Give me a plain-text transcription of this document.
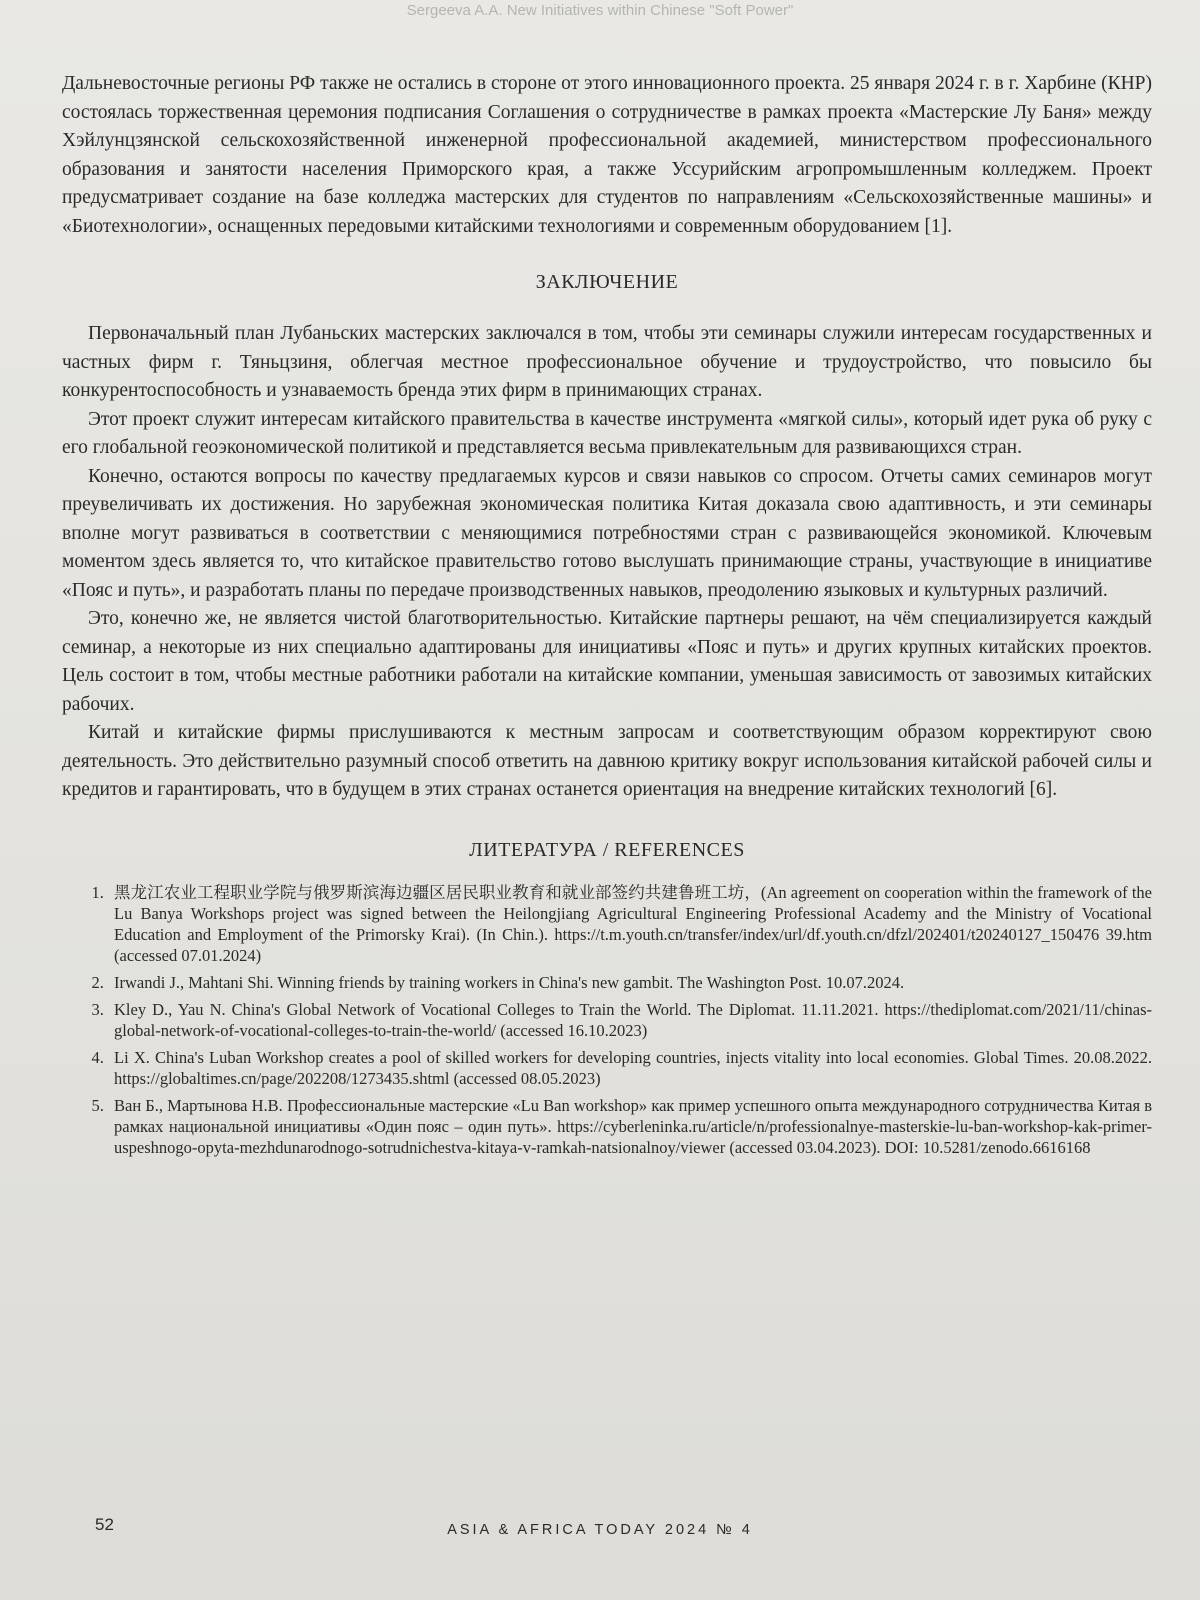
Sergeeva A.A. New Initiatives within Chinese "Soft Power"

Дальневосточные регионы РФ также не остались в стороне от этого инновационного проекта. 25 января 2024 г. в г. Харбине (КНР) состоялась торжественная церемония подписания Соглашения о сотрудничестве в рамках проекта «Мастерские Лу Баня» между Хэйлунцзянской сельскохозяйственной инженерной профессиональной академией, министерством профессионального образования и занятости населения Приморского края, а также Уссурийским агропромышленным колледжем. Проект предусматривает создание на базе колледжа мастерских для студентов по направлениям «Сельскохозяйственные машины» и «Биотехнологии», оснащенных передовыми китайскими технологиями и современным оборудованием [1].

ЗАКЛЮЧЕНИЕ

Первоначальный план Лубаньских мастерских заключался в том, чтобы эти семинары служили интересам государственных и частных фирм г. Тяньцзиня, облегчая местное профессиональное обучение и трудоустройство, что повысило бы конкурентоспособность и узнаваемость бренда этих фирм в принимающих странах.

Этот проект служит интересам китайского правительства в качестве инструмента «мягкой силы», который идет рука об руку с его глобальной геоэкономической политикой и представляется весьма привлекательным для развивающихся стран.

Конечно, остаются вопросы по качеству предлагаемых курсов и связи навыков со спросом. Отчеты самих семинаров могут преувеличивать их достижения. Но зарубежная экономическая политика Китая доказала свою адаптивность, и эти семинары вполне могут развиваться в соответствии с меняющимися потребностями стран с развивающейся экономикой. Ключевым моментом здесь является то, что китайское правительство готово выслушать принимающие страны, участвующие в инициативе «Пояс и путь», и разработать планы по передаче производственных навыков, преодолению языковых и культурных различий.

Это, конечно же, не является чистой благотворительностью. Китайские партнеры решают, на чём специализируется каждый семинар, а некоторые из них специально адаптированы для инициативы «Пояс и путь» и других крупных китайских проектов. Цель состоит в том, чтобы местные работники работали на китайские компании, уменьшая зависимость от завозимых китайских рабочих.

Китай и китайские фирмы прислушиваются к местным запросам и соответствующим образом корректируют свою деятельность. Это действительно разумный способ ответить на давнюю критику вокруг использования китайской рабочей силы и кредитов и гарантировать, что в будущем в этих странах останется ориентация на внедрение китайских технологий [6].

ЛИТЕРАТУРА / REFERENCES
1. 黑龙江农业工程职业学院与俄罗斯滨海边疆区居民职业教育和就业部签约共建鲁班工坊，(An agreement on cooperation within the framework of the Lu Banya Workshops project was signed between the Heilongjiang Agricultural Engineering Professional Academy and the Ministry of Vocational Education and Employment of the Primorsky Krai). (In Chin.). https://t.m.youth.cn/transfer/index/url/df.youth.cn/dfzl/202401/t20240127_150476 39.htm (accessed 07.01.2024)
2. Irwandi J., Mahtani Shi. Winning friends by training workers in China's new gambit. The Washington Post. 10.07.2024.
3. Kley D., Yau N. China's Global Network of Vocational Colleges to Train the World. The Diplomat. 11.11.2021. https://thediplomat.com/2021/11/chinas-global-network-of-vocational-colleges-to-train-the-world/ (accessed 16.10.2023)
4. Li X. China's Luban Workshop creates a pool of skilled workers for developing countries, injects vitality into local economies. Global Times. 20.08.2022. https://globaltimes.cn/page/202208/1273435.shtml (accessed 08.05.2023)
5. Ван Б., Мартынова Н.В. Профессиональные мастерские «Lu Ban workshop» как пример успешного опыта международного сотрудничества Китая в рамках национальной инициативы «Один пояс – один путь». https://cyberleninka.ru/article/n/professionalnye-masterskie-lu-ban-workshop-kak-primer-uspeshnogo-opyta-mezhdunarodnogo-sotrudnichestva-kitaya-v-ramkah-natsionalnoy/viewer (accessed 03.04.2023). DOI: 10.5281/zenodo.6616168
52	ASIA & AFRICA TODAY 2024 № 4
